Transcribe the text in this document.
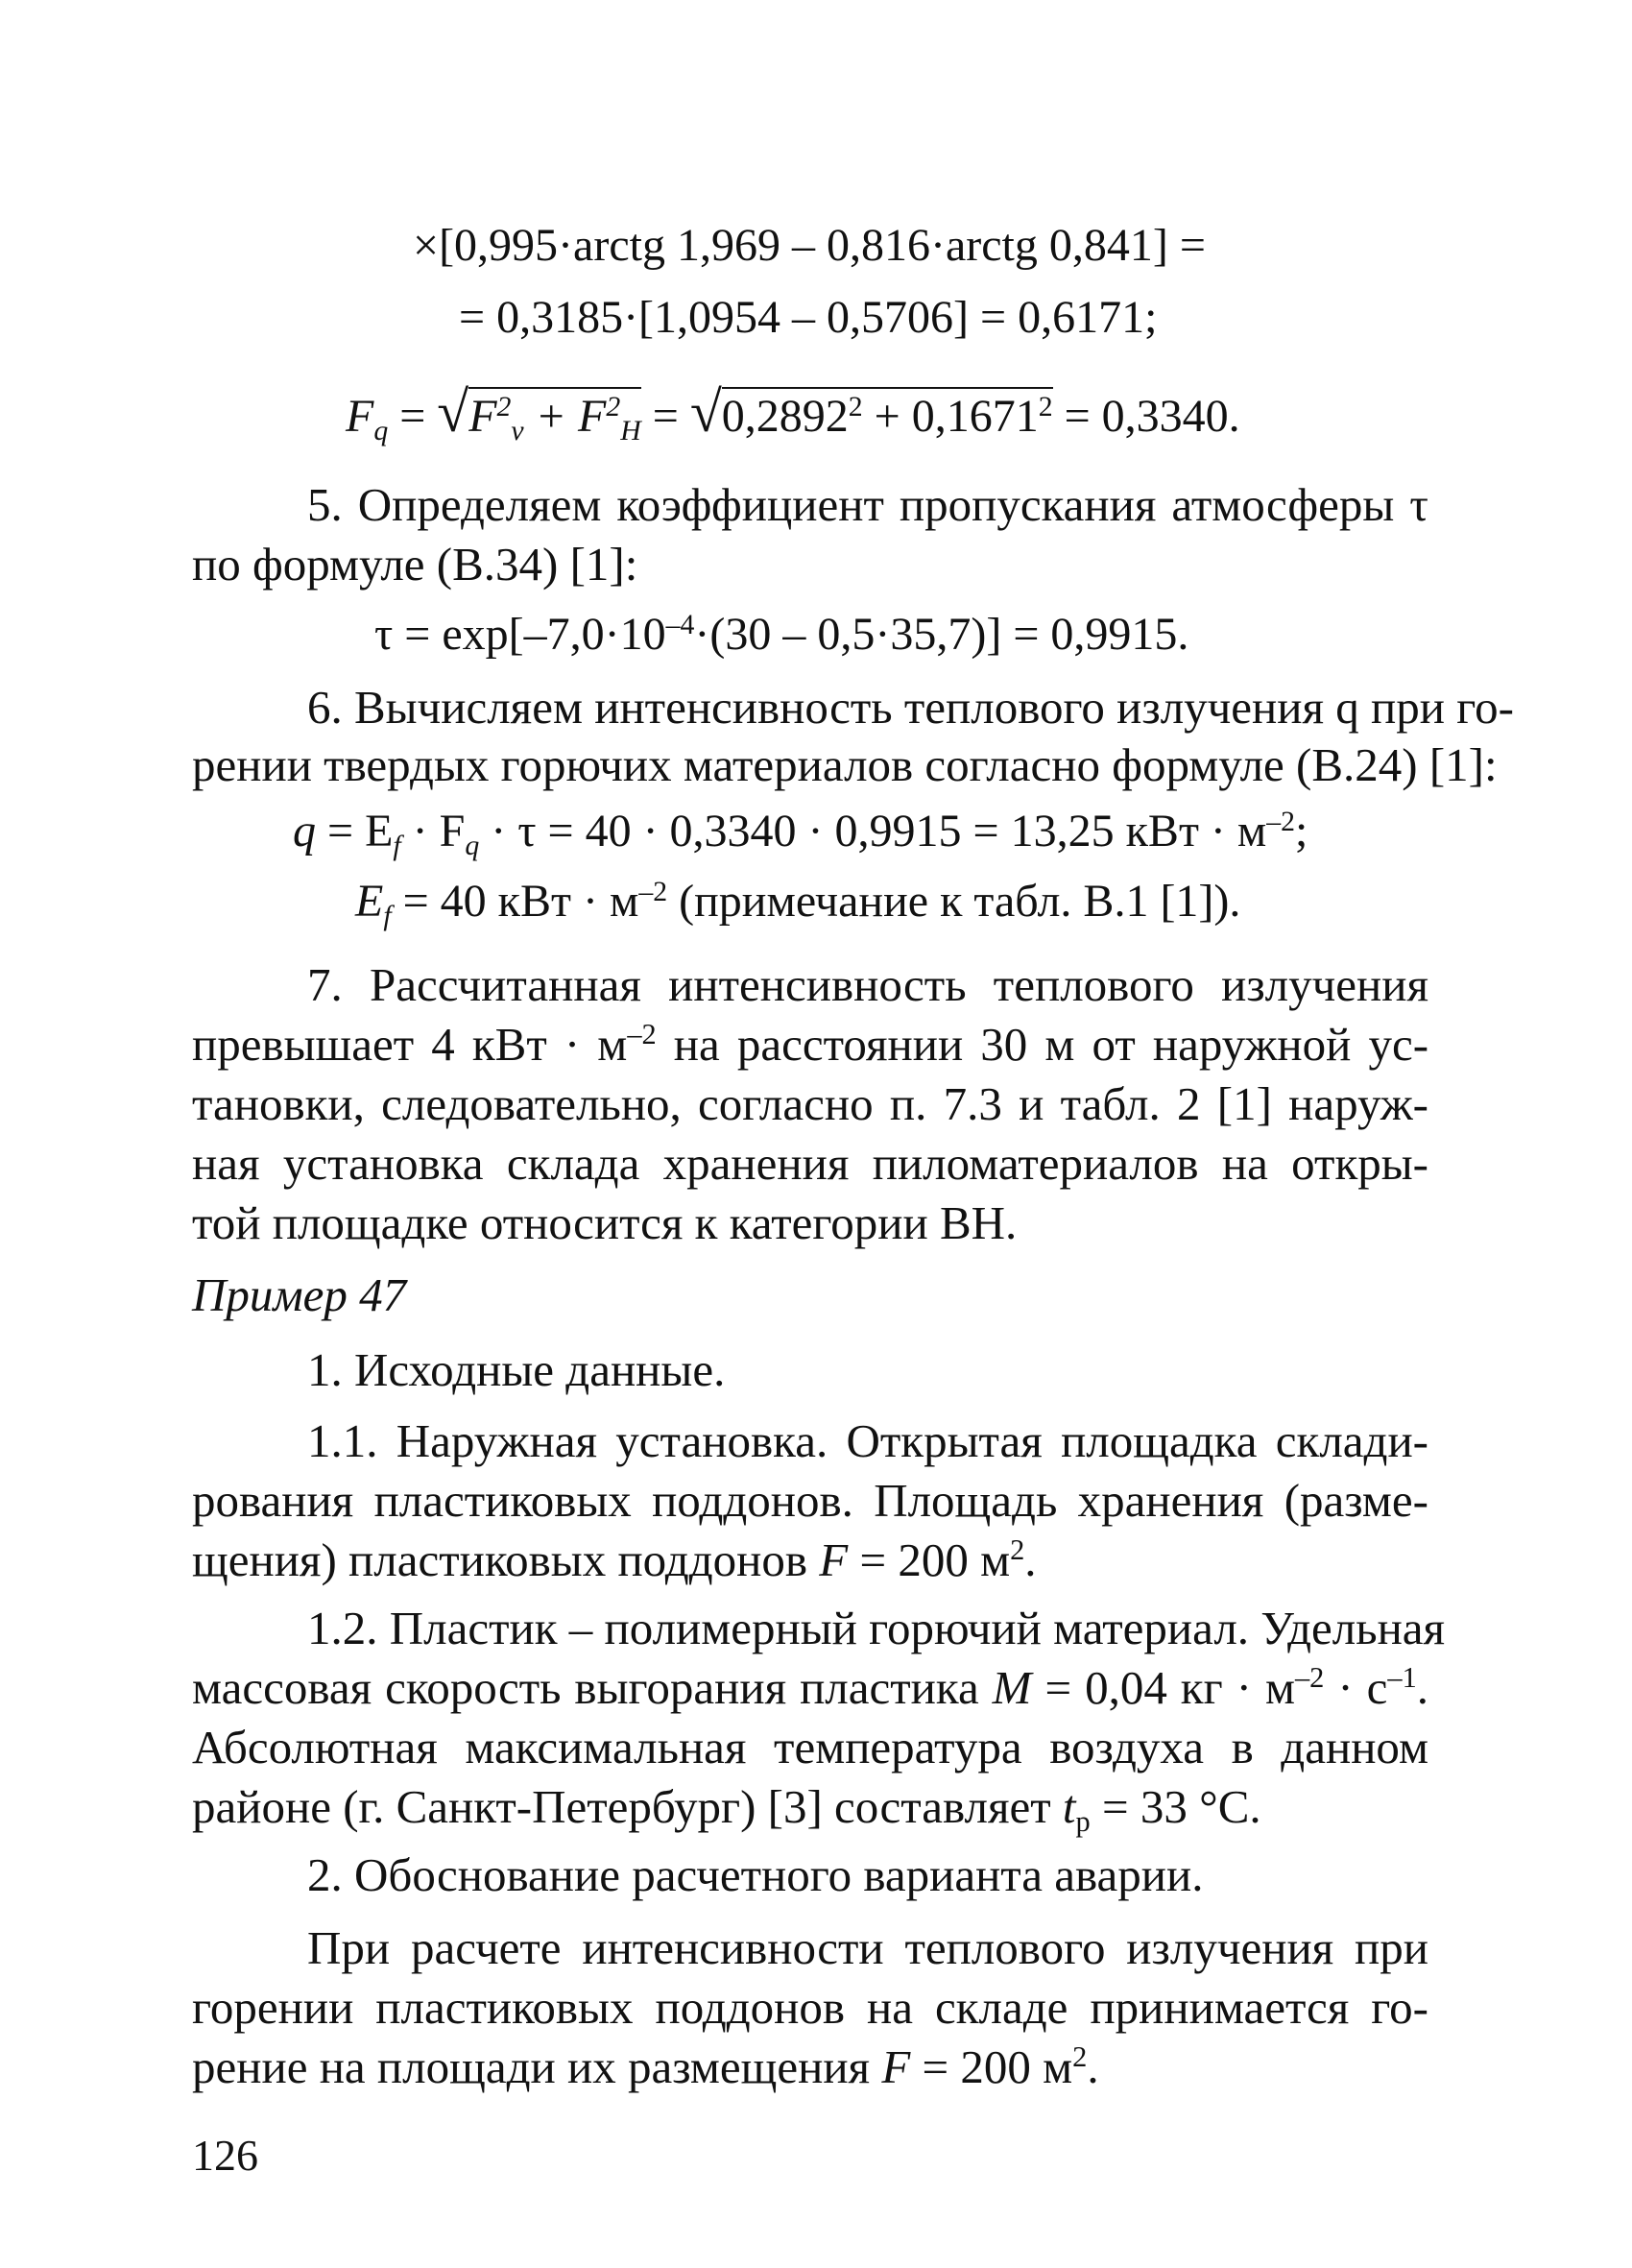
×[0,995·arctg 1,969 – 0,816·arctg 0,841] =
= 0,3185·[1,0954 – 0,5706] = 0,6171;
$F_q = √F^2_v + F^2_H = √0,2892^2 + 0,1671^2 = 0,3340$.
5. Определяем коэффициент пропускания атмосферы τ
по формуле (В.34) [1]:
$\tau = \exp[-7,0\cdot 10^{-4}\cdot(30 - 0,5\cdot 35,7)] = 0,9915$.
6. Вычисляем интенсивность теплового излучения q при го-
рении твердых горючих материалов согласно формуле (В.24) [1]:
$q = E_f \cdot F_q \cdot \tau = 40 \cdot 0,3340 \cdot 0,9915 = 13,25$ кВт · $м^{-2}$;
$E_f = 40$ кВт · $м^{-2}$ (примечание к табл. В.1 [1]).
7. Рассчитанная интенсивность теплового излучения
превышает 4 кВт · $м^{-2}$ на расстоянии 30 м от наружной ус-
тановки, следовательно, согласно п. 7.3 и табл. 2 [1] наруж-
ная установка склада хранения пиломатериалов на откры-
той площадке относится к категории ВН.
Пример 47
1. Исходные данные.
1.1. Наружная установка. Открытая площадка склади-
рования пластиковых поддонов. Площадь хранения (разме-
щения) пластиковых поддонов F = 200 $м^2$.
1.2. Пластик – полимерный горючий материал. Удельная
массовая скорость выгорания пластика M = 0,04 кг · $м^{-2} \cdot с^{-1}$.
Абсолютная максимальная температура воздуха в данном
районе (г. Санкт-Петербург) [3] составляет $t_р = 33$ °С.
2. Обоснование расчетного варианта аварии.
При расчете интенсивности теплового излучения при
горении пластиковых поддонов на складе принимается го-
рение на площади их размещения F = 200 $м^2$.
126
